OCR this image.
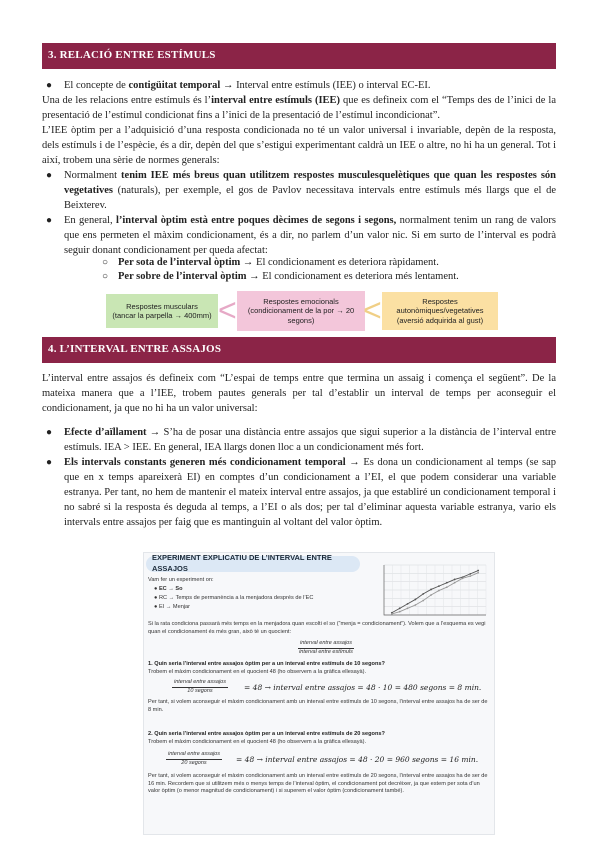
3. RELACIÓ ENTRE ESTÍMULS
● El concepte de contigüitat temporal → Interval entre estímuls (IEE) o interval EC-EI.
Una de les relacions entre estímuls és l’interval entre estímuls (IEE) que es defineix com el “Temps des de l’inici de la presentació de l’estímul condicionat fins a l’inici de la presentació de l’estímul incondicionat”.
L’IEE òptim per a l’adquisició d’una resposta condicionada no té un valor universal i invariable, depèn de la resposta, dels estímuls i de l’espècie, és a dir, depèn del que s’estigui experimentant caldrà un IEE o altre, no hi ha un general. Tot i així, trobem una sèrie de normes generals:
● Normalment tenim IEE més breus quan utilitzem respostes musculesquelètiques que quan les respostes són vegetatives (naturals), per exemple, el gos de Pavlov necessitava intervals entre estímuls més llargs que el de Beixterev.
● En general, l’interval òptim està entre poques dècimes de segons i segons, normalment tenim un rang de valors que ens permeten el màxim condicionament, és a dir, no parlem d’un valor nic. Si em surto de l’interval es podrà seguir donant condicionament per queda afectat:
○ Per sota de l’interval òptim → El condicionament es deteriora ràpidament.
○ Per sobre de l’interval òptim → El condicionament es deteriora més lentament.
Respostes musculars
(tancar la parpella → 400mm) <	Respostes emocionals
(condicionament de la por → 20 segons)	<	Respostes autonòmiques/vegetatives
(aversió adquirida al gust)
4. L’INTERVAL ENTRE ASSAJOS
L’interval entre assajos és defineix com “L’espai de temps entre que termina un assaig i comença el següent”. De la mateixa manera que a l’IEE, trobem pautes generals per tal d’establir un interval de temps per aconseguir el condicionament, ja que no hi ha un valor universal:
● Efecte d’aïllament → S’ha de posar una distància entre assajos que sigui superior a la distància de l’interval entre estímuls. IEA > IEE. En general, IEA llargs donen lloc a un condicionament més fort.
● Els intervals constants generen més condicionament temporal → Es dona un condicionament al temps (se sap que en x temps apareixerà EI) en comptes d’un condicionament a l’EI, el que podem considerar una variable estranya. Per tant, no hem de mantenir el mateix interval entre assajos, ja que establiré un condicionament temporal i no sabré si la resposta és deguda al temps, a l’EI o als dos; per tal d’eliminar aquesta variable estranya, vario els intervals entre assajos per faig que es mantinguin al voltant del valor òptim.
EXPERIMENT EXPLICATIU DE L’INTERVAL ENTRE ASSAJOS
Vam fer un experiment on:
● EC → So
● RC → Temps de permanència a la menjadora després de l’EC
● EI → Menjar
Si la rata condiciona passarà més temps en la menjadora quan escolti el so (“menja = condicionament”). Volem que a l’esquema es vegi quan el condicionament és més gran, això té un quocient:
interval entre assajos
interval entre estímuls
1. Quin seria l’interval entre assajos òptim per a un interval entre estímuls de 10 segons?
Trobem el màxim condicionament en el quocient 48 (ho observem a la gràfica ellesayà).
interval entre assajos
10 segons	= 48 → interval entre assajos = 48 · 10 = 480 segons = 8 min.
Per tant, si volem aconseguir el màxim condicionament amb un interval entre estímuls de 10 segons, l’interval entre assajos ha de ser de 8 min.
2. Quin seria l’interval entre assajos òptim per a un interval entre estímuls de 20 segons?
Trobem el màxim condicionament en el quocient 48 (ho observem a la gràfica ellesayà).
interval entre assajos
20 segons	= 48 → interval entre assajos = 48 · 20 = 960 segons = 16 min.
Per tant, si volem aconseguir el màxim condicionament amb un interval entre estímuls de 20 segons, l’interval entre assajos ha de ser de 16 min. Recordem que si utilitzem més o menys temps de l’interval òptim, el condicionament pot decréixer, ja que estem per sota d’un valor òptim (o menor magnitud de condicionament) i si superem el valor òptim (condicionament també).
